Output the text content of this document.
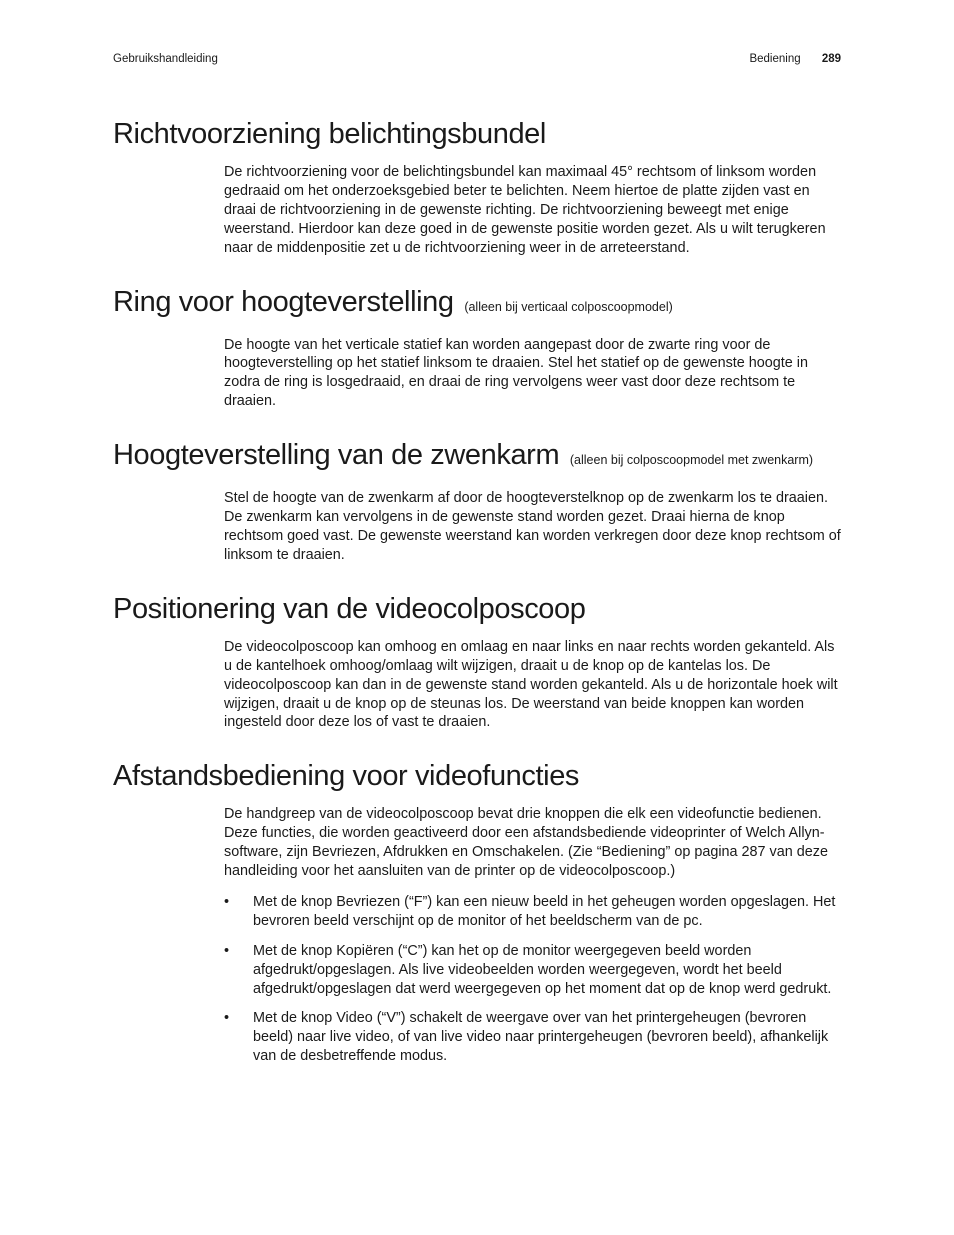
Gebruikshandleiding	Bediening 289
Richtvoorziening belichtingsbundel

De richtvoorziening voor de belichtingsbundel kan maximaal 45° rechtsom of linksom worden gedraaid om het onderzoeksgebied beter te belichten. Neem hiertoe de platte zijden vast en draai de richtvoorziening in de gewenste richting. De richtvoorziening beweegt met enige weerstand. Hierdoor kan deze goed in de gewenste positie worden gezet. Als u wilt terugkeren naar de middenpositie zet u de richtvoorziening weer in de arreteerstand.

Ring voor hoogteverstelling (alleen bij verticaal colposcoopmodel)

De hoogte van het verticale statief kan worden aangepast door de zwarte ring voor de hoogteverstelling op het statief linksom te draaien. Stel het statief op de gewenste hoogte in zodra de ring is losgedraaid, en draai de ring vervolgens weer vast door deze rechtsom te draaien.

Hoogteverstelling van de zwenkarm (alleen bij colposcoopmodel met zwenkarm)

Stel de hoogte van de zwenkarm af door de hoogteverstelknop op de zwenkarm los te draaien. De zwenkarm kan vervolgens in de gewenste stand worden gezet. Draai hierna de knop rechtsom goed vast. De gewenste weerstand kan worden verkregen door deze knop rechtsom of linksom te draaien.

Positionering van de videocolposcoop

De videocolposcoop kan omhoog en omlaag en naar links en naar rechts worden gekanteld. Als u de kantelhoek omhoog/omlaag wilt wijzigen, draait u de knop op de kantelas los. De videocolposcoop kan dan in de gewenste stand worden gekanteld. Als u de horizontale hoek wilt wijzigen, draait u de knop op de steunas los. De weerstand van beide knoppen kan worden ingesteld door deze los of vast te draaien.

Afstandsbediening voor videofuncties

De handgreep van de videocolposcoop bevat drie knoppen die elk een videofunctie bedienen. Deze functies, die worden geactiveerd door een afstandsbediende videoprinter of Welch Allyn-software, zijn Bevriezen, Afdrukken en Omschakelen. (Zie “Bediening” op pagina 287 van deze handleiding voor het aansluiten van de printer op de videocolposcoop.)

• Met de knop Bevriezen (“F”) kan een nieuw beeld in het geheugen worden opgeslagen. Het bevroren beeld verschijnt op de monitor of het beeldscherm van de pc.
• Met de knop Kopiëren (“C”) kan het op de monitor weergegeven beeld worden afgedrukt/opgeslagen. Als live videobeelden worden weergegeven, wordt het beeld afgedrukt/opgeslagen dat werd weergegeven op het moment dat op de knop werd gedrukt.
• Met de knop Video (“V”) schakelt de weergave over van het printergeheugen (bevroren beeld) naar live video, of van live video naar printergeheugen (bevroren beeld), afhankelijk van de desbetreffende modus.
